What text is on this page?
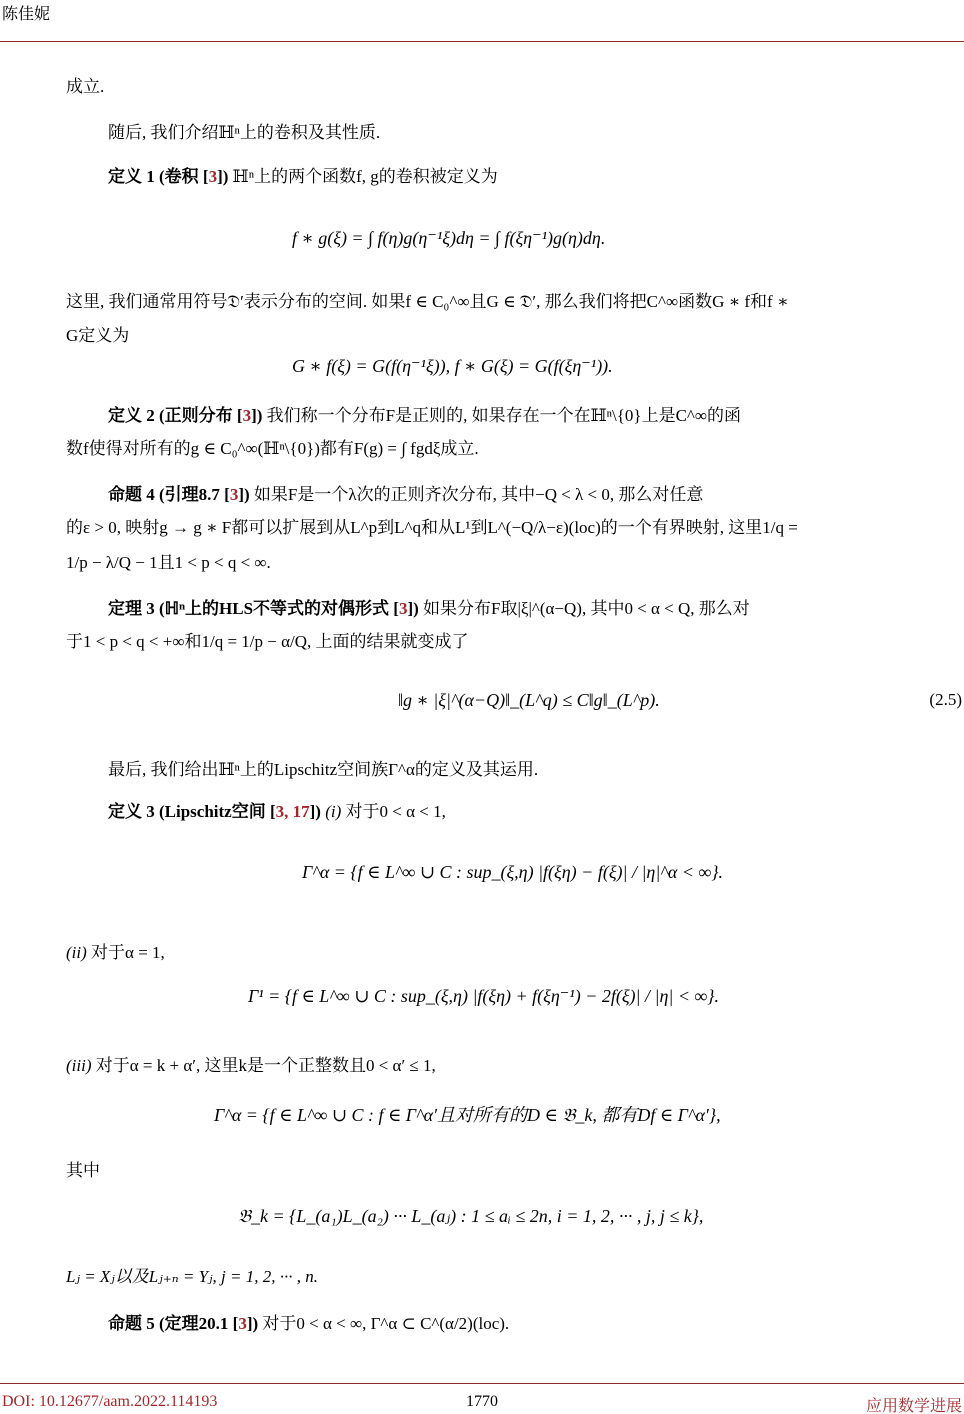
陈佳妮
成立.
随后, 我们介绍ℍⁿ上的卷积及其性质.
定义 1 (卷积 [3]) ℍⁿ上的两个函数f, g的卷积被定义为
f ∗ g(ξ) = ∫ f(η)g(η⁻¹ξ)dη = ∫ f(ξη⁻¹)g(η)dη.
这里, 我们通常用符号𝔇′表示分布的空间. 如果f ∈ C₀^∞且G ∈ 𝔇′, 那么我们将把C^∞函数G ∗ f和f ∗
G定义为
G ∗ f(ξ) = G(f(η⁻¹ξ)), f ∗ G(ξ) = G(f(ξη⁻¹)).
定义 2 (正则分布 [3]) 我们称一个分布F是正则的, 如果存在一个在ℍⁿ\{0}上是C^∞的函
数f使得对所有的g ∈ C₀^∞(ℍⁿ\{0})都有F(g) = ∫ fgdξ成立.
命题 4 (引理8.7 [3]) 如果F是一个λ次的正则齐次分布, 其中−Q < λ < 0, 那么对任意
的ε > 0, 映射g → g ∗ F都可以扩展到从L^p到L^q和从L¹到L^(−Q/λ−ε)(loc)的一个有界映射, 这里1/q =
1/p − λ/Q − 1且1 < p < q < ∞.
定理 3 (ℍⁿ上的HLS不等式的对偶形式 [3]) 如果分布F取|ξ|^(α−Q), 其中0 < α < Q, 那么对
于1 < p < q < +∞和1/q = 1/p − α/Q, 上面的结果就变成了
‖g ∗ |ξ|^(α−Q)‖_(L^q) ≤ C‖g‖_(L^p).	(2.5)
最后, 我们给出ℍⁿ上的Lipschitz空间族Γ^α的定义及其运用.
定义 3 (Lipschitz空间 [3, 17]) (i) 对于0 < α < 1,
Γ^α = {f ∈ L^∞ ∪ C : sup_(ξ,η) |f(ξη) − f(ξ)| / |η|^α < ∞}.
(ii) 对于α = 1,
Γ¹ = {f ∈ L^∞ ∪ C : sup_(ξ,η) |f(ξη) + f(ξη⁻¹) − 2f(ξ)| / |η| < ∞}.
(iii) 对于α = k + α′, 这里k是一个正整数且0 < α′ ≤ 1,
Γ^α = {f ∈ L^∞ ∪ C : f ∈ Γ^α′且对所有的D ∈ 𝔅_k, 都有Df ∈ Γ^α′},
其中
𝔅_k = {L_(a₁)L_(a₂) ··· L_(aⱼ) : 1 ≤ aᵢ ≤ 2n, i = 1, 2, ··· , j, j ≤ k},
Lⱼ = Xⱼ以及Lⱼ₊ₙ = Yⱼ, j = 1, 2, ··· , n.
命题 5 (定理20.1 [3]) 对于0 < α < ∞, Γ^α ⊂ C^(α/2)(loc).
DOI: 10.12677/aam.2022.114193	1770	应用数学进展
